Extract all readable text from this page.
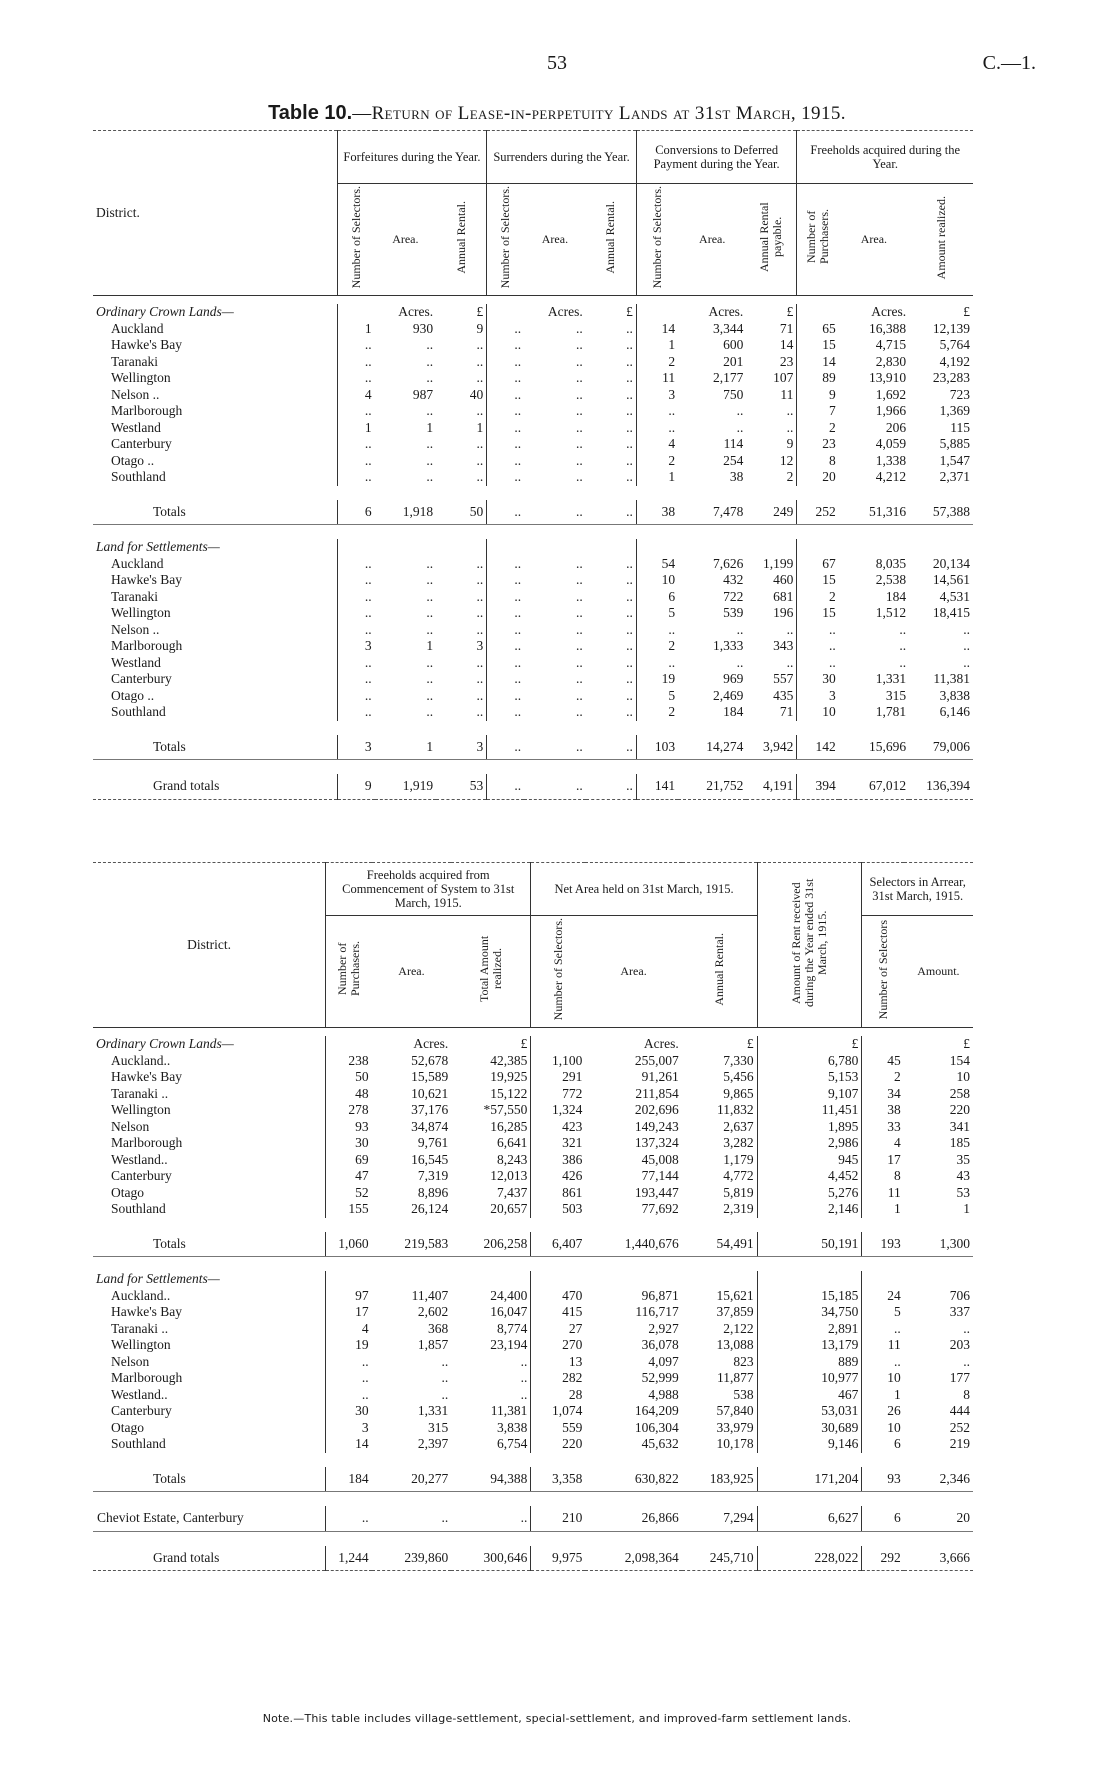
53	C.—1.
Table 10.—Return of Lease-in-perpetuity Lands at 31st March, 1915.
District.	Forfeitures during the Year.			Surrenders during the Year.			Conversions to Deferred Payment during the Year.			Freeholds acquired during the Year.		
	Number of Selectors.	Area.	Annual Rental.	Number of Selectors.	Area.	Annual Rental.	Number of Selectors.	Area.	Annual Rental payable.	Number of Purchasers.	Area.	Amount realized.

Ordinary Crown Lands—		Acres.	£		Acres.	£		Acres.	£		Acres.	£
Auckland	1	930	9	..	..	..	14	3,344	71	65	16,388	12,139
Hawke's Bay	..	..	..	..	..	..	1	600	14	15	4,715	5,764
Taranaki	..	..	..	..	..	..	2	201	23	14	2,830	4,192
Wellington	..	..	..	..	..	..	11	2,177	107	89	13,910	23,283
Nelson ..	4	987	40	..	..	..	3	750	11	9	1,692	723
Marlborough	..	..	..	..	..	..	..	..	..	7	1,966	1,369
Westland	1	1	1	..	..	..	..	..	..	2	206	115
Canterbury	..	..	..	..	..	..	4	114	9	23	4,059	5,885
Otago ..	..	..	..	..	..	..	2	254	12	8	1,338	1,547
Southland	..	..	..	..	..	..	1	38	2	20	4,212	2,371

Totals	6	1,918	50	..	..	..	38	7,478	249	252	51,316	57,388

Land for Settlements—												
Auckland	..	..	..	..	..	..	54	7,626	1,199	67	8,035	20,134
Hawke's Bay	..	..	..	..	..	..	10	432	460	15	2,538	14,561
Taranaki	..	..	..	..	..	..	6	722	681	2	184	4,531
Wellington	..	..	..	..	..	..	5	539	196	15	1,512	18,415
Nelson ..	..	..	..	..	..	..	..	..	..	..	..	..
Marlborough	3	1	3	..	..	..	2	1,333	343	..	..	..
Westland	..	..	..	..	..	..	..	..	..	..	..	..
Canterbury	..	..	..	..	..	..	19	969	557	30	1,331	11,381
Otago ..	..	..	..	..	..	..	5	2,469	435	3	315	3,838
Southland	..	..	..	..	..	..	2	184	71	10	1,781	6,146

Totals	3	1	3	..	..	..	103	14,274	3,942	142	15,696	79,006

Grand totals	9	1,919	53	..	..	..	141	21,752	4,191	394	67,012	136,394
District.	Freeholds acquired from Commencement of System to 31st March, 1915.			Net Area held on 31st March, 1915.			Amount of Rent received during the Year ended 31st March, 1915.	Selectors in Arrear, 31st March, 1915.	
	Number of Purchasers.	Area.	Total Amount realized.	Number of Selectors.	Area.	Annual Rental.		Number of Selectors	Amount.

Ordinary Crown Lands—		Acres.	£		Acres.	£	£		£
Auckland..	238	52,678	42,385	1,100	255,007	7,330	6,780	45	154
Hawke's Bay	50	15,589	19,925	291	91,261	5,456	5,153	2	10
Taranaki ..	48	10,621	15,122	772	211,854	9,865	9,107	34	258
Wellington	278	37,176	*57,550	1,324	202,696	11,832	11,451	38	220
Nelson	93	34,874	16,285	423	149,243	2,637	1,895	33	341
Marlborough	30	9,761	6,641	321	137,324	3,282	2,986	4	185
Westland..	69	16,545	8,243	386	45,008	1,179	945	17	35
Canterbury	47	7,319	12,013	426	77,144	4,772	4,452	8	43
Otago	52	8,896	7,437	861	193,447	5,819	5,276	11	53
Southland	155	26,124	20,657	503	77,692	2,319	2,146	1	1

Totals	1,060	219,583	206,258	6,407	1,440,676	54,491	50,191	193	1,300

Land for Settlements—									
Auckland..	97	11,407	24,400	470	96,871	15,621	15,185	24	706
Hawke's Bay	17	2,602	16,047	415	116,717	37,859	34,750	5	337
Taranaki ..	4	368	8,774	27	2,927	2,122	2,891	..	..
Wellington	19	1,857	23,194	270	36,078	13,088	13,179	11	203
Nelson	..	..	..	13	4,097	823	889	..	..
Marlborough	..	..	..	282	52,999	11,877	10,977	10	177
Westland..	..	..	..	28	4,988	538	467	1	8
Canterbury	30	1,331	11,381	1,074	164,209	57,840	53,031	26	444
Otago	3	315	3,838	559	106,304	33,979	30,689	10	252
Southland	14	2,397	6,754	220	45,632	10,178	9,146	6	219

Totals	184	20,277	94,388	3,358	630,822	183,925	171,204	93	2,346

Cheviot Estate, Canterbury	..	..	..	210	26,866	7,294	6,627	6	20

Grand totals	1,244	239,860	300,646	9,975	2,098,364	245,710	228,022	292	3,666
Note.—This table includes village-settlement, special-settlement, and improved-farm settlement lands.
